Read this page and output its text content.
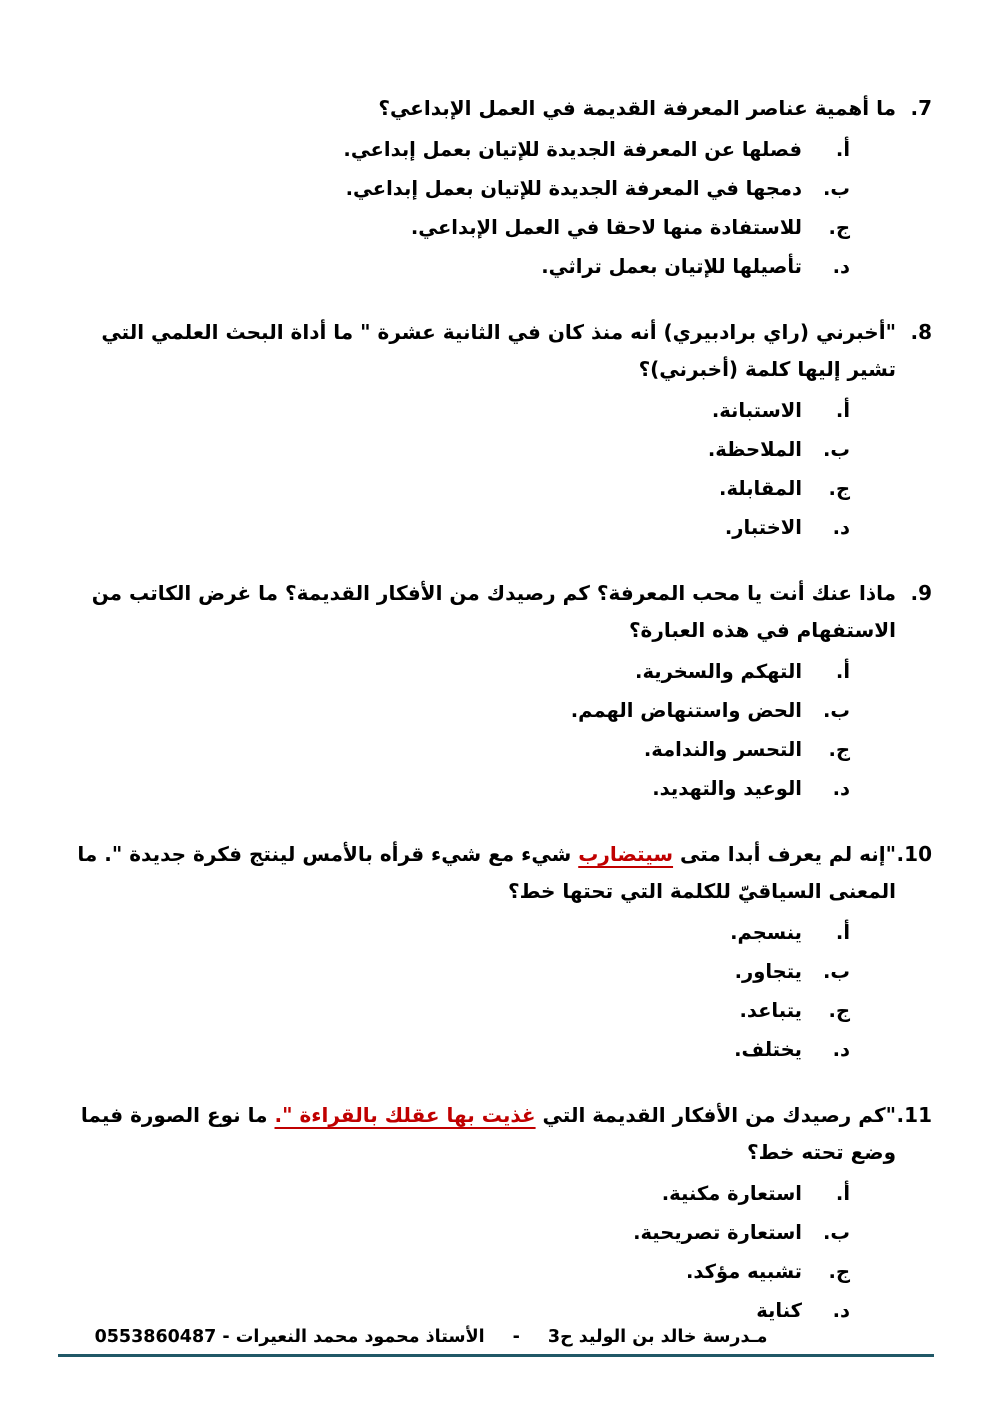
7.
ما أهمية عناصر المعرفة القديمة في العمل الإبداعي؟
أ.
فصلها عن المعرفة الجديدة للإتيان بعمل إبداعي.
ب.
دمجها في المعرفة الجديدة للإتيان بعمل إبداعي.
ج.
للاستفادة منها لاحقا في العمل الإبداعي.
د.
تأصيلها للإتيان بعمل تراثي.
8.
"أخبرني (راي برادبيري) أنه منذ كان في الثانية عشرة " ما أداة البحث العلمي التي تشير إليها كلمة (أخبرني)؟
أ.
الاستبانة.
ب.
الملاحظة.
ج.
المقابلة.
د.
الاختبار.
9.
ماذا عنك أنت يا محب المعرفة؟ كم رصيدك من الأفكار القديمة؟ ما غرض الكاتب من الاستفهام في هذه العبارة؟
أ.
التهكم والسخرية.
ب.
الحض واستنهاض الهمم.
ج.
التحسر والندامة.
د.
الوعيد والتهديد.
10.
"إنه لم يعرف أبدا متى سيتضارب شيء مع شيء قرأه بالأمس لينتج فكرة جديدة ". ما المعنى السياقيّ للكلمة التي تحتها خط؟
أ.
ينسجم.
ب.
يتجاور.
ج.
يتباعد.
د.
يختلف.
11.
"كم رصيدك من الأفكار القديمة التي غذيت بها عقلك بالقراءة ". ما نوع الصورة فيما وضع تحته خط؟
أ.
استعارة مكنية.
ب.
استعارة تصريحية.
ج.
تشبيه مؤكد.
د.
كناية
مـدرسة خالد بن الوليد ح3
-
الأستاذ محمود محمد النعيرات - 0553860487
